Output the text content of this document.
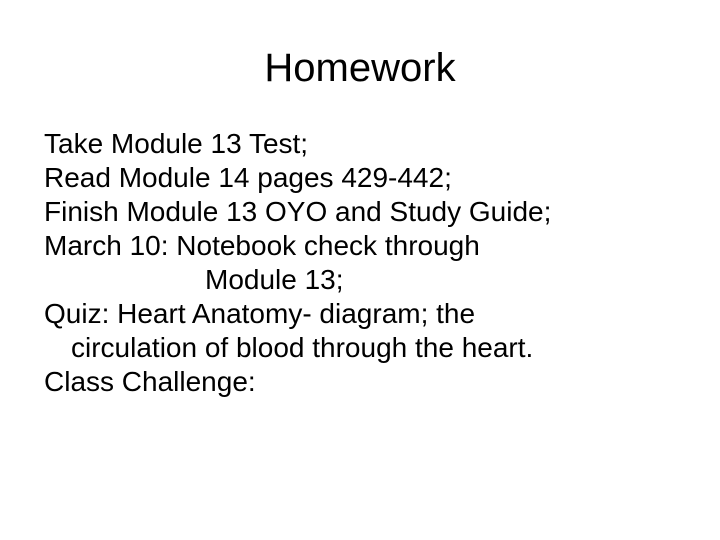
Homework
Take Module 13 Test;
Read Module 14 pages 429-442;
Finish Module 13 OYO and Study Guide;
March 10: Notebook check through
Module 13;
Quiz: Heart Anatomy- diagram; the
circulation of blood through the heart.
Class Challenge:
